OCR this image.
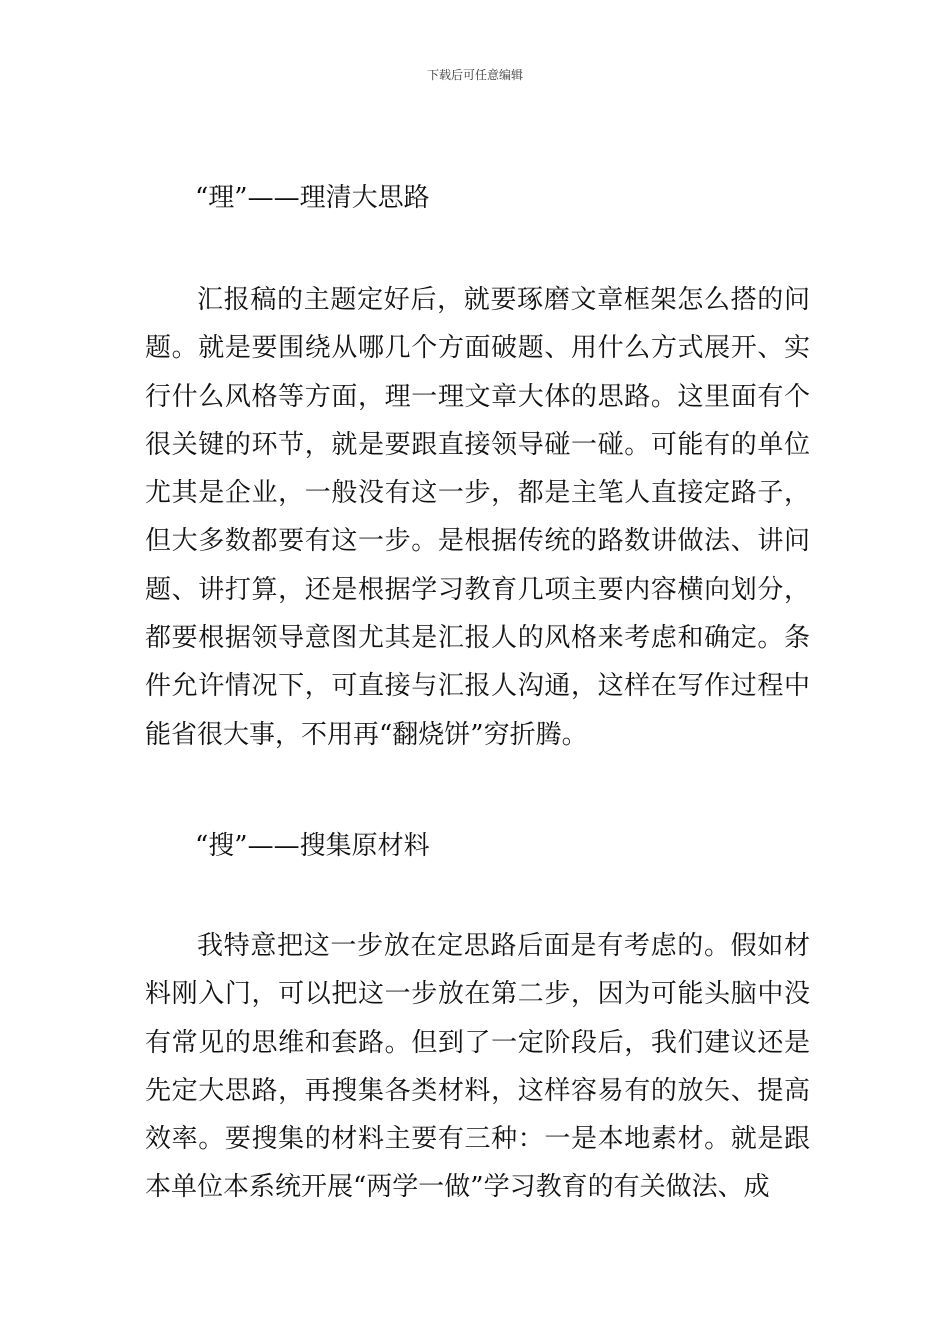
下载后可任意编辑
“理”——理清大思路
汇报稿的主题定好后，就要琢磨文章框架怎么搭的问题。就是要围绕从哪几个方面破题、用什么方式展开、实行什么风格等方面，理一理文章大体的思路。这里面有个很关键的环节，就是要跟直接领导碰一碰。可能有的单位尤其是企业，一般没有这一步，都是主笔人直接定路子，但大多数都要有这一步。是根据传统的路数讲做法、讲问题、讲打算，还是根据学习教育几项主要内容横向划分，都要根据领导意图尤其是汇报人的风格来考虑和确定。条件允许情况下，可直接与汇报人沟通，这样在写作过程中能省很大事，不用再“翻烧饼”穷折腾。
“搜”——搜集原材料
我特意把这一步放在定思路后面是有考虑的。假如材料刚入门，可以把这一步放在第二步，因为可能头脑中没有常见的思维和套路。但到了一定阶段后，我们建议还是先定大思路，再搜集各类材料，这样容易有的放矢、提高效率。要搜集的材料主要有三种：一是本地素材。就是跟本单位本系统开展“两学一做”学习教育的有关做法、成
